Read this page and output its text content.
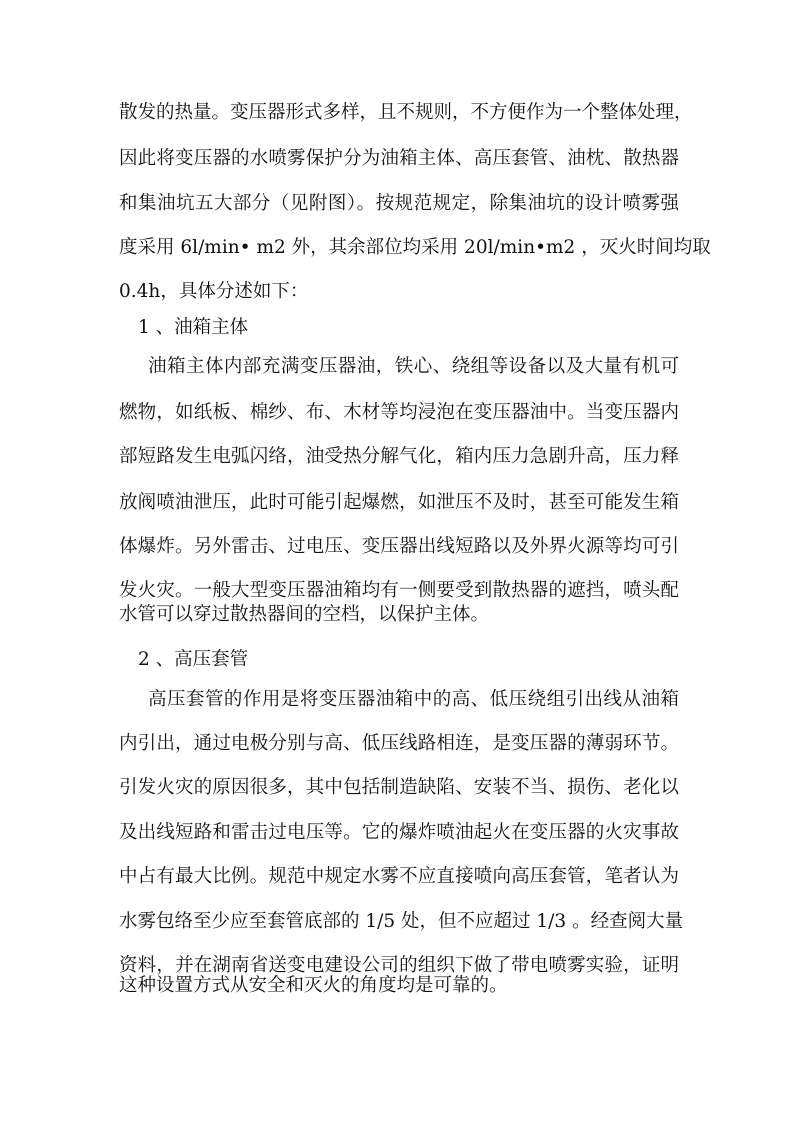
散发的热量。变压器形式多样，且不规则，不方便作为一个整体处理，

因此将变压器的水喷雾保护分为油箱主体、高压套管、油枕、散热器

和集油坑五大部分（见附图）。按规范规定，除集油坑的设计喷雾强

度采用 6l/min• m2 外，其余部位均采用 20l/min•m2 ，灭火时间均取

0.4h，具体分述如下：

1 、油箱主体

油箱主体内部充满变压器油，铁心、绕组等设备以及大量有机可

燃物，如纸板、棉纱、布、木材等均浸泡在变压器油中。当变压器内

部短路发生电弧闪络，油受热分解气化，箱内压力急剧升高，压力释

放阀喷油泄压，此时可能引起爆燃，如泄压不及时，甚至可能发生箱

体爆炸。另外雷击、过电压、变压器出线短路以及外界火源等均可引

发火灾。一般大型变压器油箱均有一侧要受到散热器的遮挡，喷头配

水管可以穿过散热器间的空档，以保护主体。

2 、高压套管

高压套管的作用是将变压器油箱中的高、低压绕组引出线从油箱

内引出，通过电极分别与高、低压线路相连，是变压器的薄弱环节。

引发火灾的原因很多，其中包括制造缺陷、安装不当、损伤、老化以

及出线短路和雷击过电压等。它的爆炸喷油起火在变压器的火灾事故

中占有最大比例。规范中规定水雾不应直接喷向高压套管，笔者认为

水雾包络至少应至套管底部的 1/5 处，但不应超过 1/3 。经查阅大量

资料，并在湖南省送变电建设公司的组织下做了带电喷雾实验，证明

这种设置方式从安全和灭火的角度均是可靠的。
